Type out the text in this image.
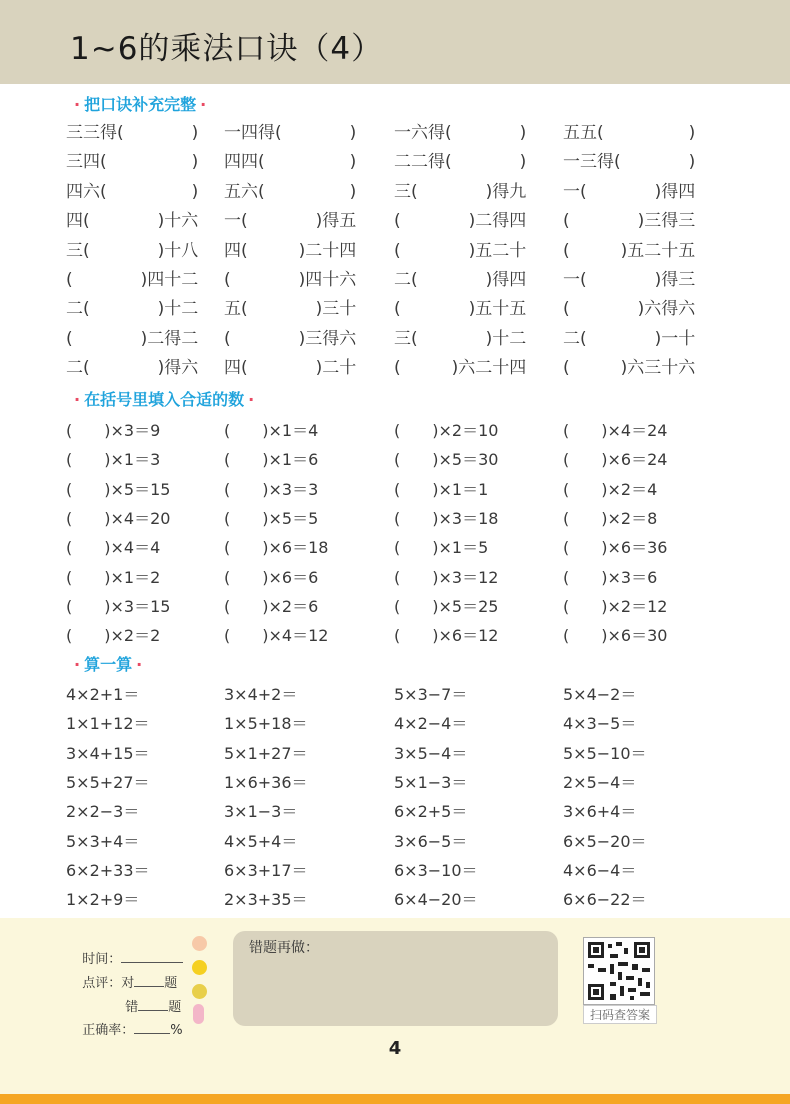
1~6的乘法口诀（4）
· 把口诀补充完整 ·
三三得(　　　　) 一四得(　　　　) 一六得(　　　　) 五五(　　　　　)
三四(　　　　　) 四四(　　　　　) 二二得(　　　　) 一三得(　　　　)
四六(　　　　　) 五六(　　　　　) 三(　　　　)得九 一(　　　　)得四
四(　　　　)十六 一(　　　　)得五 (　　　　)二得四 (　　　　)三得三
三(　　　　)十八 四(　　　)二十四 (　　　　)五二十 (　　　)五二十五
(　　　　)四十二 (　　　　)四十六 二(　　　　)得四 一(　　　　)得三
二(　　　　)十二 五(　　　　)三十 (　　　　)五十五 (　　　　)六得六
(　　　　)二得二 (　　　　)三得六 三(　　　　)十二 二(　　　　)一十
二(　　　　)得六 四(　　　　)二十 (　　　)六二十四 (　　　)六三十六
· 在括号里填入合适的数 ·
(　　)×3＝9	(　　)×1＝4	(　　)×2＝10	(　　)×4＝24
(　　)×1＝3	(　　)×1＝6	(　　)×5＝30	(　　)×6＝24
(　　)×5＝15	(　　)×3＝3	(　　)×1＝1	(　　)×2＝4
(　　)×4＝20	(　　)×5＝5	(　　)×3＝18	(　　)×2＝8
(　　)×4＝4	(　　)×6＝18	(　　)×1＝5	(　　)×6＝36
(　　)×1＝2	(　　)×6＝6	(　　)×3＝12	(　　)×3＝6
(　　)×3＝15	(　　)×2＝6	(　　)×5＝25	(　　)×2＝12
(　　)×2＝2	(　　)×4＝12	(　　)×6＝12	(　　)×6＝30
· 算一算 ·
4×2+1＝	3×4+2＝	5×3−7＝	5×4−2＝
1×1+12＝	1×5+18＝	4×2−4＝	4×3−5＝
3×4+15＝	5×1+27＝	3×5−4＝	5×5−10＝
5×5+27＝	1×6+36＝	5×1−3＝	2×5−4＝
2×2−3＝	3×1−3＝	6×2+5＝	3×6+4＝
5×3+4＝	4×5+4＝	3×6−5＝	6×5−20＝
6×2+33＝	6×3+17＝	6×3−10＝	4×6−4＝
1×2+9＝	2×3+35＝	6×4−20＝	6×6−22＝

时间：

点评：对 题

错 题

正确率：	%

错题再做：
扫码查答案
4
